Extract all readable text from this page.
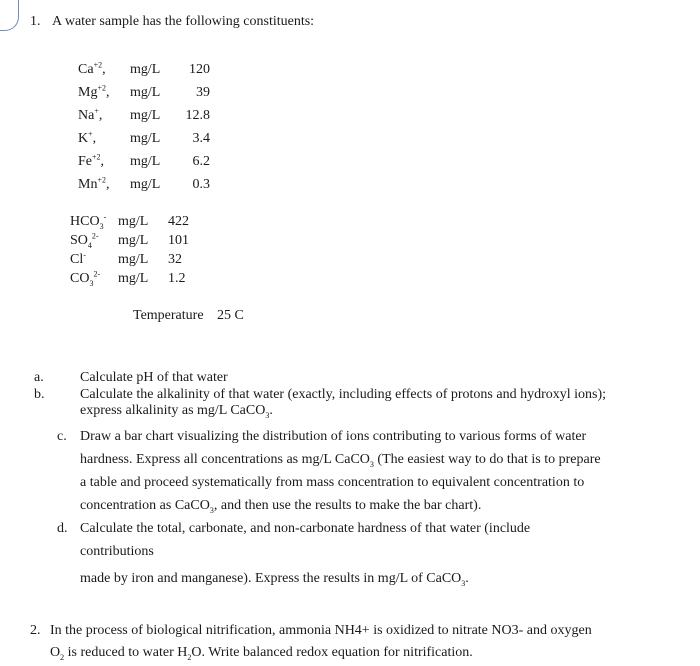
1. A water sample has the following constituents:
$Ca^{+2}$, mg/L 120
$Mg^{+2}$, mg/L	39
Na+, mg/L 12.8
K+, mg/L 3.4
$Fe^{+2}$, mg/L 6.2
$Mn^{+2}$, mg/L 0.3
$HCO_3^-$ mg/L 422
$SO_4^{2-}$ mg/L 101
Cl- mg/L 32
$CO_3^{2-}$ mg/L 1.2
Temperature 25 C
a.	Calculate pH of that water
b.	Calculate the alkalinity of that water (exactly, including effects of protons and hydroxyl ions);
express alkalinity as mg/L CaCO$_3$.
c. Draw a bar chart visualizing the distribution of ions contributing to various forms of water
hardness. Express all concentrations as mg/L CaCO$_3$ (The easiest way to do that is to prepare
a table and proceed systematically from mass concentration to equivalent concentration to
concentration as CaCO$_3$, and then use the results to make the bar chart).
d. Calculate the total, carbonate, and non-carbonate hardness of that water (include
contributions
made by iron and manganese). Express the results in mg/L of CaCO$_3$.
2. In the process of biological nitrification, ammonia NH4+ is oxidized to nitrate NO3- and oxygen
$O_2$ is reduced to water $H_2O$. Write balanced redox equation for nitrification.
